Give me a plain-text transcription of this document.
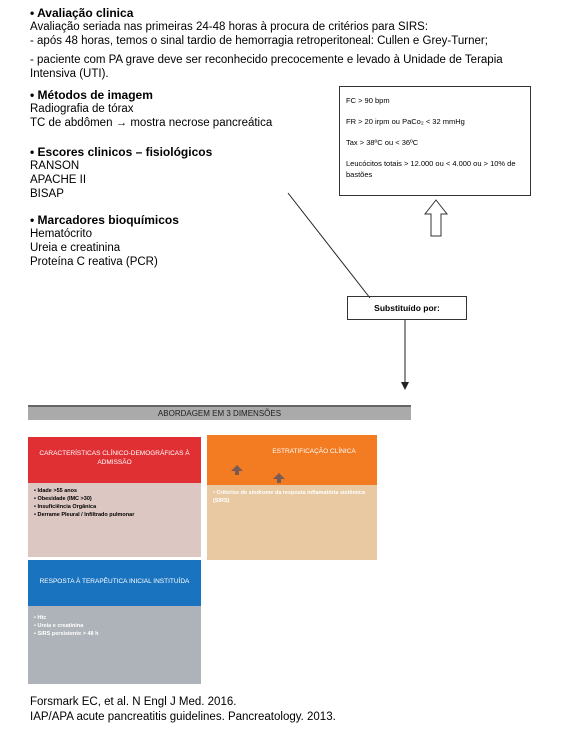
• Avaliação clinica
Avaliação seriada nas primeiras 24-48 horas à procura de critérios para SIRS:
- após 48 horas, temos o sinal tardio de hemorragia retroperitoneal: Cullen e Grey-Turner;
- paciente com PA grave deve ser reconhecido precocemente e levado à Unidade de Terapia
Intensiva (UTI).
• Métodos de imagem
Radiografia de tórax
TC de abdômen → mostra necrose pancreática
• Escores clinicos – fisiológicos
RANSON
APACHE II
BISAP
• Marcadores bioquímicos
Hematócrito
Ureia e creatinina
Proteína C reativa (PCR)
FC > 90 bpm
FR > 20 irpm ou PaCo₂ < 32 mmHg
Tax > 38ºC ou < 36ºC
Leucócitos totais > 12.000 ou < 4.000 ou > 10% de bastões
Substituído por:
ABORDAGEM EM 3 DIMENSÕES
CARACTERÍSTICAS CLÍNICO-DEMOGRÁFICAS À ADMISSÃO
• Idade >55 anos
• Obesidade (IMC >30)
• Insuficiência Orgânica
• Derrame Pleural / Infiltrado pulmonar
ESTRATIFICAÇÃO CLÍNICA
• Critérios de síndrome da resposta inflamatória sistêmica (SIRS)
RESPOSTA À TERAPÊUTICA INICIAL INSTITUÍDA
• Htc
• Ureia e creatinina
• SIRS persistente > 48 h
Forsmark EC, et al. N Engl J Med. 2016.
IAP/APA acute pancreatitis guidelines. Pancreatology. 2013.
